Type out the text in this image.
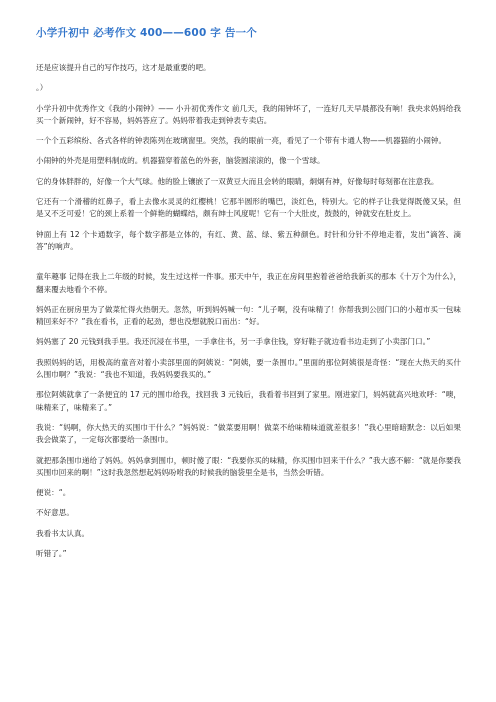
小学升初中 必考作文 400——600 字 告一个

还是应该提升自己的写作技巧，这才是最重要的吧。

。）

小学升初中优秀作文《我的小闹钟》—— 小升初优秀作文 前几天，我的闹钟坏了，一连好几天早晨都没有响！我央求妈妈给我买一个新闹钟，好不容易，妈妈答应了。妈妈带着我走到钟表专卖店。

一个个五彩缤纷、各式各样的钟表陈列在玻璃窗里。突然，我的眼前一亮，看见了一个带有卡通人物——机器猫的小闹钟。

小闹钟的外壳是用塑料制成的。机器猫穿着蓝色的外套，脑袋圆滚滚的，像一个雪球。

它的身体胖胖的，好像一个大气球。他的脸上镶嵌了一双黄豆大而且会转的眼睛，炯炯有神，好像每时每刻都在注意我。

它还有一个滑稽的红鼻子，看上去像水灵灵的红樱桃！它那半圆形的嘴巴，淡红色，特别大。它的样子让我觉得既傻又呆，但是又不乏可爱！它的颈上系着一个鲜艳的蝴蝶结，颇有绅士风度呢！它有一个大肚皮，鼓鼓的，钟就安在肚皮上。

钟面上有 12 个卡通数字，每个数字都是立体的，有红、黄、蓝、绿、紫五种颜色。时针和分针不停地走着，发出“滴答、滴答”的响声。

童年趣事 记得在我上二年级的时候，发生过这样一件事。那天中午，我正在房间里抱着爸爸给我新买的那本《十万个为什么》，翻来覆去地看个不停。

妈妈正在厨房里为了做菜忙得火热朝天。忽然，听到妈妈喊一句：“儿子啊，没有味精了！你帮我到公园门口的小超市买一包味精回来好不？”我在看书，正看的起劲，想也没想就脱口而出：“好。

妈妈塞了 20 元钱到我手里。我还沉浸在书里，一手拿住书，另一手拿住钱，穿好鞋子就边看书边走到了小卖部门口。”

我照妈妈的话，用极高的童音对着小卖部里面的阿姨说：“阿姨，要一条围巾。”里面的那位阿姨很是奇怪：“现在大热天的买什么围巾啊？”我说：“我也不知道，我妈妈要我买的。”

那位阿姨就拿了一条便宜的 17 元的围巾给我，找回我 3 元钱后，我看着书回到了家里。刚进家门，妈妈就高兴地欢呼：“噢，味精来了，味精来了。”

我说：“妈啊，你大热天的买围巾干什么？”妈妈说：“做菜要用啊！做菜不给味精味道就差很多！”我心里暗暗默念：以后如果我会做菜了，一定每次都要给一条围巾。

就把那条围巾递给了妈妈。妈妈拿到围巾，顿时傻了眼：“我要你买的味精，你买围巾回来干什么？”我大惑不解：“就是你要我买围巾回来的啊！”这时我忽然想起妈妈吩咐我的时候我的脑袋里全是书，当然会听错。

便说：“。

不好意思。

我看书太认真。

听错了。”
